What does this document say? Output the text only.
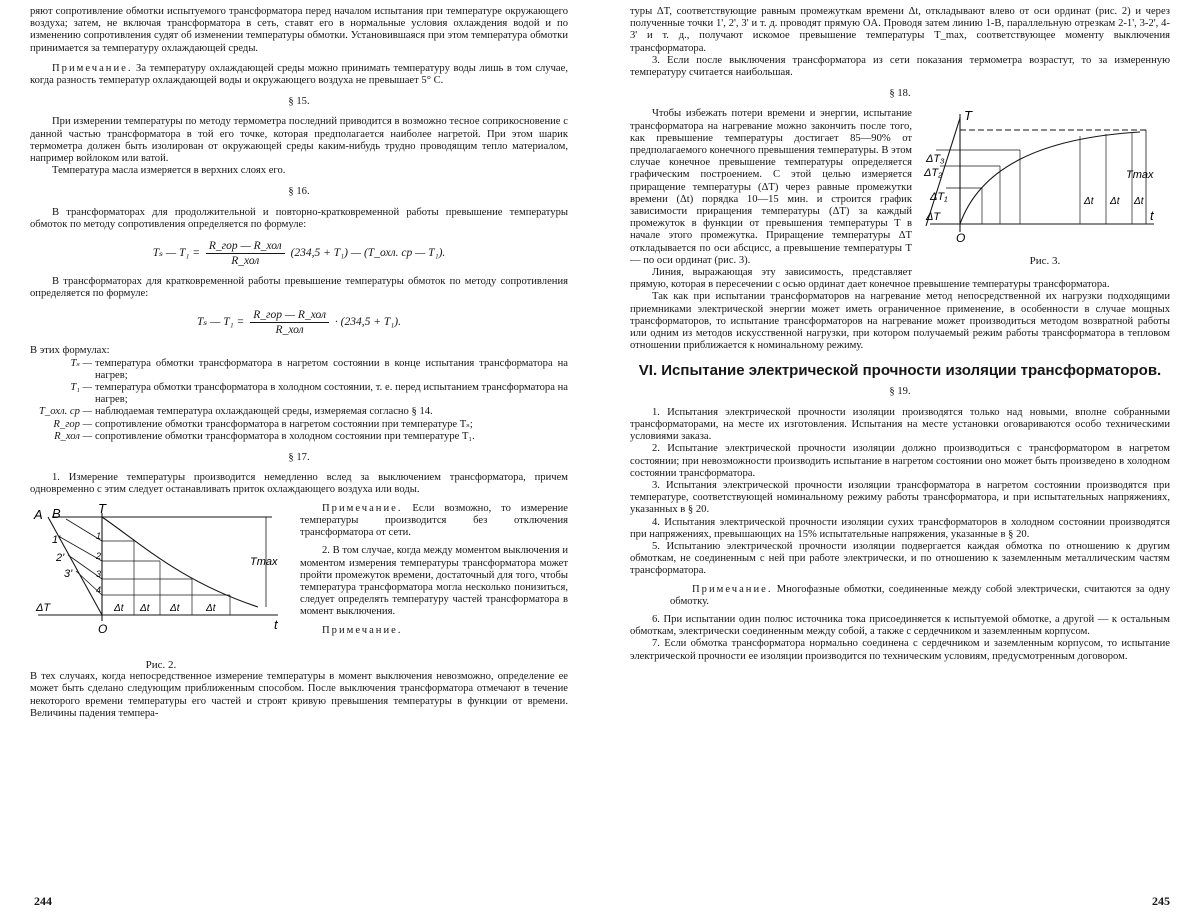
ряют сопротивление обмотки испытуемого трансформатора перед началом испытания при температуре окружающего воздуха; затем, не включая трансформатора в сеть, ставят его в нормальные условия охлаждения водой и по изменению сопротивления судят об изменении температуры обмотки. Установившаяся при этом температура обмотки принимается за температуру охлаждающей среды.

Примечание. За температуру охлаждающей среды можно принимать температуру воды лишь в том случае, когда разность температур охлаждающей воды и окружающего воздуха не превышает 5° С.

§ 15.

При измерении температуры по методу термометра последний приводится в возможно тесное соприкосновение с данной частью трансформатора в той его точке, которая предполагается наиболее нагретой. При этом шарик термометра должен быть изолирован от окружающей среды каким-нибудь трудно проводящим тепло материалом, например войлоком или ватой.

Температура масла измеряется в верхних слоях его.

§ 16.

В трансформаторах для продолжительной и повторно-кратковременной работы превышение температуры обмоток по методу сопротивления определяется по формуле:

Tₛ — $T_1 = \frac{\text{R\_гор — R\_хол}}{\text{R\_хол}} (234,5 + T_1)$ — (T_охл. ср — T₁).

В трансформаторах для кратковременной работы превышение температуры обмоток по методу сопротивления определяется по формуле:

Tₛ — $T_1 = \frac{\text{R\_гор — R\_хол}}{\text{R\_хол}} \cdot (234,5 + T_1)$.

В этих формулах:

Tₛ — температура обмотки трансформатора в нагретом состоянии в конце испытания трансформатора на нагрев;
T₁ — температура обмотки трансформатора в холодном состоянии, т. е. перед испытанием трансформатора на нагрев;
T_охл. ср — наблюдаемая температура охлаждающей среды, измеряемая согласно § 14.
R_гор — сопротивление обмотки трансформатора в нагретом состоянии при температуре Tₛ;
R_хол — сопротивление обмотки трансформатора в холодном состоянии при температуре T₁.

§ 17.

1. Измерение температуры производится немедленно вслед за выключением трансформатора, причем одновременно с этим следует останавливать приток охлаждающего воздуха или воды.

A B	T
O
1'
2'
3'
1
2
3
4
ΔT	Δt Δt Δt	Δt
Tmax
t
Рис. 2.

Примечание. Если возможно, то измерение температуры производится без отключения трансформатора от сети.

2. В том случае, когда между моментом выключения и моментом измерения температуры трансформатора может пройти промежуток времени, достаточный для того, чтобы температура трансформатора могла несколько понизиться, следует определять температуру частей трансформатора в момент выключения.

Примечание.

В тех случаях, когда непосредственное измерение температуры в момент выключения невозможно, определение ее может быть сделано следующим приближенным способом. После выключения трансформатора отмечают в течение некоторого времени температуры его частей и строят кривую превышения температуры в функции от времени. Величины падения темпера-

244

туры ΔT, соответствующие равным промежуткам времени Δt, откладывают влево от оси ординат (рис. 2) и через полученные точки 1', 2', 3' и т. д. проводят прямую OA. Проводя затем линию 1-B, параллельную отрезкам 2-1', 3-2', 4-3' и т. д., получают искомое превышение температуры T_max, соответствующее моменту выключения трансформатора.

3. Если после выключения трансформатора из сети показания термометра возрастут, то за измеренную температуру считается наибольшая.

§ 18.

T
O
ΔT₃
ΔT₂
ΔT₁
ΔT
Δt Δt Δt
Tmax
t
Рис. 3.

Чтобы избежать потери времени и энергии, испытание трансформатора на нагревание можно закончить после того, как превышение температуры достигает 85—90% от предполагаемого конечного превышения температуры. В этом случае конечное превышение температуры определяется графическим построением. С этой целью измеряется приращение температуры (ΔT) через равные промежутки времени (Δt) порядка 10—15 мин. и строится график зависимости приращения температуры (ΔT) за каждый промежуток в функции от превышения температуры T в начале этого промежутка. Приращение температуры ΔT откладывается по оси абсцисс, а превышение температуры T — по оси ординат (рис. 3).

Линия, выражающая эту зависимость, представляет прямую, которая в пересечении с осью ординат дает конечное превышение температуры трансформатора.

Так как при испытании трансформаторов на нагревание метод непосредственной их нагрузки подходящими приемниками электрической энергии может иметь ограниченное применение, в особенности в случае мощных трансформаторов, то испытание трансформаторов на нагревание может производиться методом возвратной работы или одним из методов искусственной нагрузки, при котором получаемый режим работы трансформатора в тепловом отношении приближается к номинальному режиму.

VI. Испытание электрической прочности изоляции трансформаторов.

§ 19.

1. Испытания электрической прочности изоляции производятся только над новыми, вполне собранными трансформаторами, на месте их изготовления. Испытания на месте установки оговариваются особо техническими условиями заказа.

2. Испытание электрической прочности изоляции должно производиться с трансформатором в нагретом состоянии; при невозможности производить испытание в нагретом состоянии оно может быть произведено в холодном состоянии трансформатора.

3. Испытания электрической прочности изоляции трансформатора в нагретом состоянии производятся при температуре, соответствующей номинальному режиму работы трансформатора, и при испытательных напряжениях, указанных в § 20.

4. Испытания электрической прочности изоляции сухих трансформаторов в холодном состоянии производятся при напряжениях, превышающих на 15% испытательные напряжения, указанные в § 20.

5. Испытанию электрической прочности изоляции подвергается каждая обмотка по отношению к другим обмоткам, не соединенным с ней при работе электрически, и по отношению к заземленным металлическим частям трансформатора.

Примечание. Многофазные обмотки, соединенные между собой электрически, считаются за одну обмотку.

6. При испытании один полюс источника тока присоединяется к испытуемой обмотке, а другой — к остальным обмоткам, электрически соединенным между собой, а также с сердечником и заземленным корпусом.

7. Если обмотка трансформатора нормально соединена с сердечником и заземленным корпусом, то испытание электрической прочности ее изоляции производится по техническим условиям, предусмотренным договором.

245
